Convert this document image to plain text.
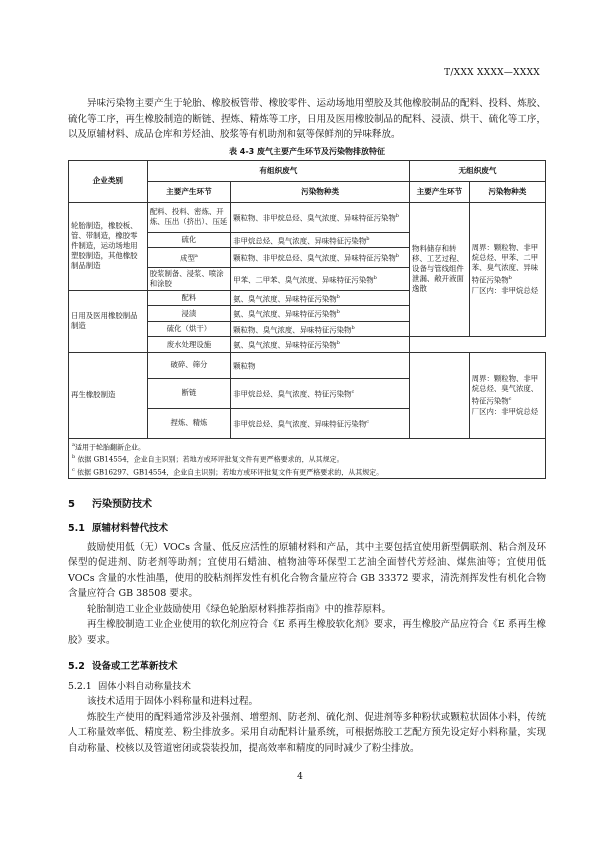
T/XXX XXXX—XXXX

异味污染物主要产生于轮胎、橡胶板管带、橡胶零件、运动场地用塑胶及其他橡胶制品的配料、投料、炼胶、硫化等工序，再生橡胶制造的断链、捏炼、精炼等工序，日用及医用橡胶制品的配料、浸渍、烘干、硫化等工序，以及原辅材料、成品仓库和芳烃油、胶浆等有机助剂和氨等保鲜剂的异味释放。

表 4-3 废气主要产生环节及污染物排放特征
企业类别	有组织废气		无组织废气	
	主要产生环节	污染物种类	主要产生环节	污染物种类
轮胎制造，橡胶板、管、带制造，橡胶零件制造，运动场地用塑胶制造，其他橡胶制品制造	配料、投料、密炼、开炼、压出（挤出）、压延	颗粒物、非甲烷总烃、臭气浓度、异味特征污染物$^b$	物料储存和转移、工艺过程、设备与管线组件泄漏、敞开液面逸散	周界：颗粒物、非甲烷总烃、甲苯、二甲苯、臭气浓度、异味特征污染物$^b$
厂区内：非甲烷总烃
	硫化	非甲烷总烃、臭气浓度、异味特征污染物$^b$
	成型$^a$	颗粒物、非甲烷总烃、臭气浓度、异味特征污染物$^b$
	胶浆制备、浸浆、喷涂和涂胶	甲苯、二甲苯、臭气浓度、异味特征污染物$^b$
日用及医用橡胶制品制造	配料	氨、臭气浓度、异味特征污染物$^b$
	浸渍	氨、臭气浓度、异味特征污染物$^b$
	硫化（烘干）	颗粒物、臭气浓度、异味特征污染物$^b$
	废水处理设施	氨、臭气浓度、异味特征污染物$^b$
再生橡胶制造	破碎、筛分	颗粒物		周界：颗粒物、非甲烷总烃、臭气浓度、特征污染物$^c$
厂区内：非甲烷总烃
	断链	非甲烷总烃、臭气浓度、特征污染物$^c$
	捏炼、精炼	非甲烷总烃、臭气浓度、异味特征污染物$^c$

$^a$适用于轮胎翻新企业。
$^b$ 依据 GB14554，企业自主识别；若地方或环评批复文件有更严格要求的，从其规定。
$^c$ 依据 GB16297、GB14554，企业自主识别；若地方或环评批复文件有更严格要求的，从其规定。				
5 污染预防技术
5.1 原辅材料替代技术

鼓励使用低（无）VOCs 含量、低反应活性的原辅材料和产品，其中主要包括宜使用新型偶联剂、粘合剂及环保型的促进剂、防老剂等助剂；宜使用石蜡油、植物油等环保型工艺油全面替代芳烃油、煤焦油等；宜使用低 VOCs 含量的水性油墨，使用的胶粘剂挥发性有机化合物含量应符合 GB 33372 要求，清洗剂挥发性有机化合物含量应符合 GB 38508 要求。

轮胎制造工业企业鼓励使用《绿色轮胎原材料推荐指南》中的推荐原料。

再生橡胶制造工业企业使用的软化剂应符合《E 系再生橡胶软化剂》要求，再生橡胶产品应符合《E 系再生橡胶》要求。

5.2 设备或工艺革新技术
5.2.1 固体小料自动称量技术

该技术适用于固体小料称量和进料过程。

炼胶生产使用的配料通常涉及补强剂、增塑剂、防老剂、硫化剂、促进剂等多种粉状或颗粒状固体小料，传统人工称量效率低、精度差、粉尘排放多。采用自动配料计量系统，可根据炼胶工艺配方预先设定好小料称量，实现自动称量、校核以及管道密闭或袋装投加，提高效率和精度的同时减少了粉尘排放。

4
